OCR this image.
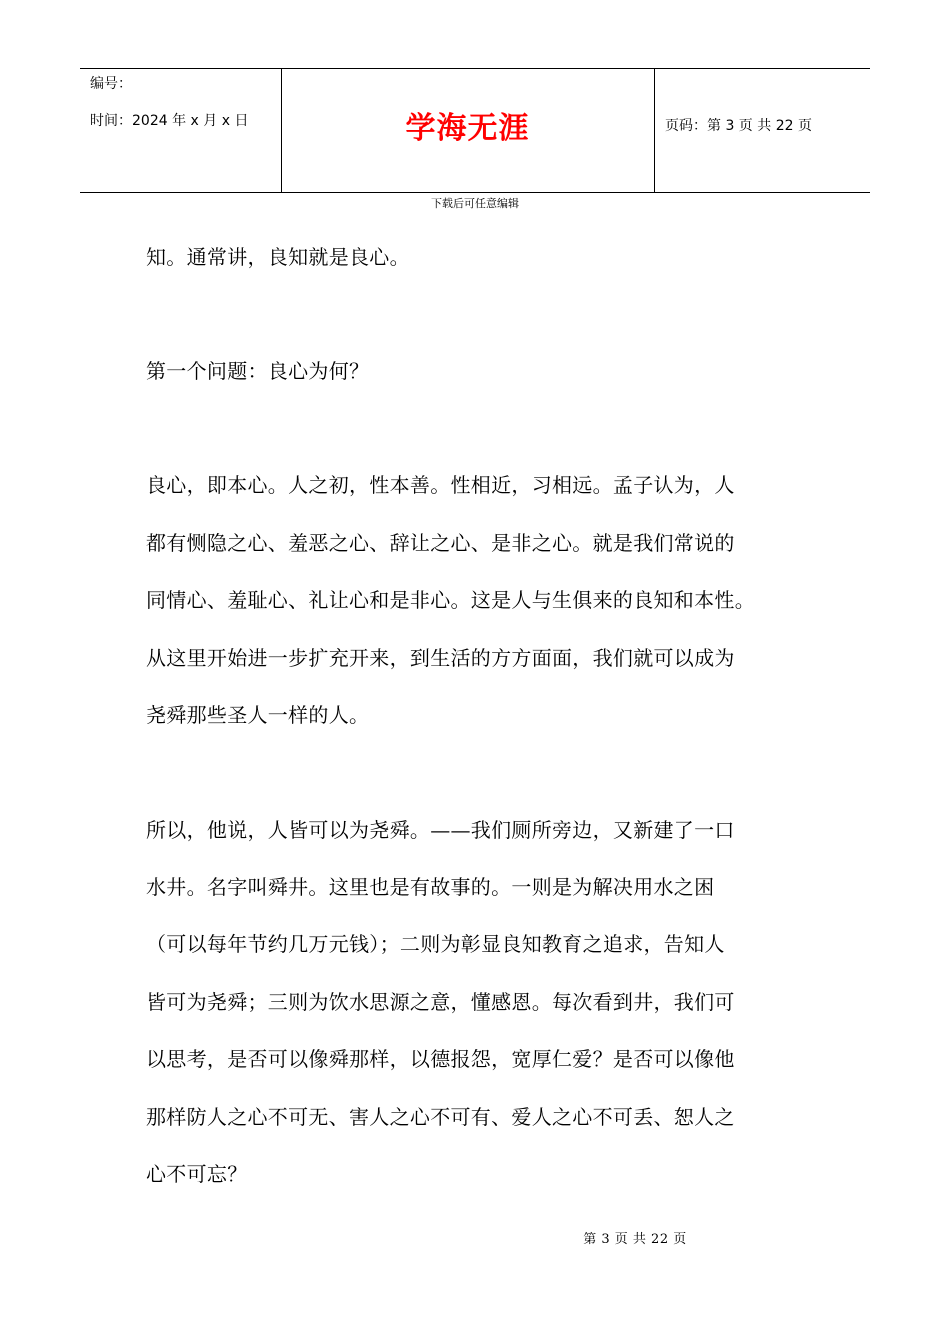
编号：
时间：2024 年 x 月 x 日	学海无涯	页码：第 3 页 共 22 页
下载后可任意编辑
知。通常讲，良知就是良心。
第一个问题：良心为何？
良心，即本心。人之初，性本善。性相近，习相远。孟子认为，人
都有恻隐之心、羞恶之心、辞让之心、是非之心。就是我们常说的
同情心、羞耻心、礼让心和是非心。这是人与生俱来的良知和本性。
从这里开始进一步扩充开来，到生活的方方面面，我们就可以成为
尧舜那些圣人一样的人。
所以，他说，人皆可以为尧舜。——我们厕所旁边，又新建了一口
水井。名字叫舜井。这里也是有故事的。一则是为解决用水之困
（可以每年节约几万元钱）；二则为彰显良知教育之追求，告知人
皆可为尧舜；三则为饮水思源之意，懂感恩。每次看到井，我们可
以思考，是否可以像舜那样，以德报怨，宽厚仁爱？是否可以像他
那样防人之心不可无、害人之心不可有、爱人之心不可丢、恕人之
心不可忘？
第 3 页 共 22 页
